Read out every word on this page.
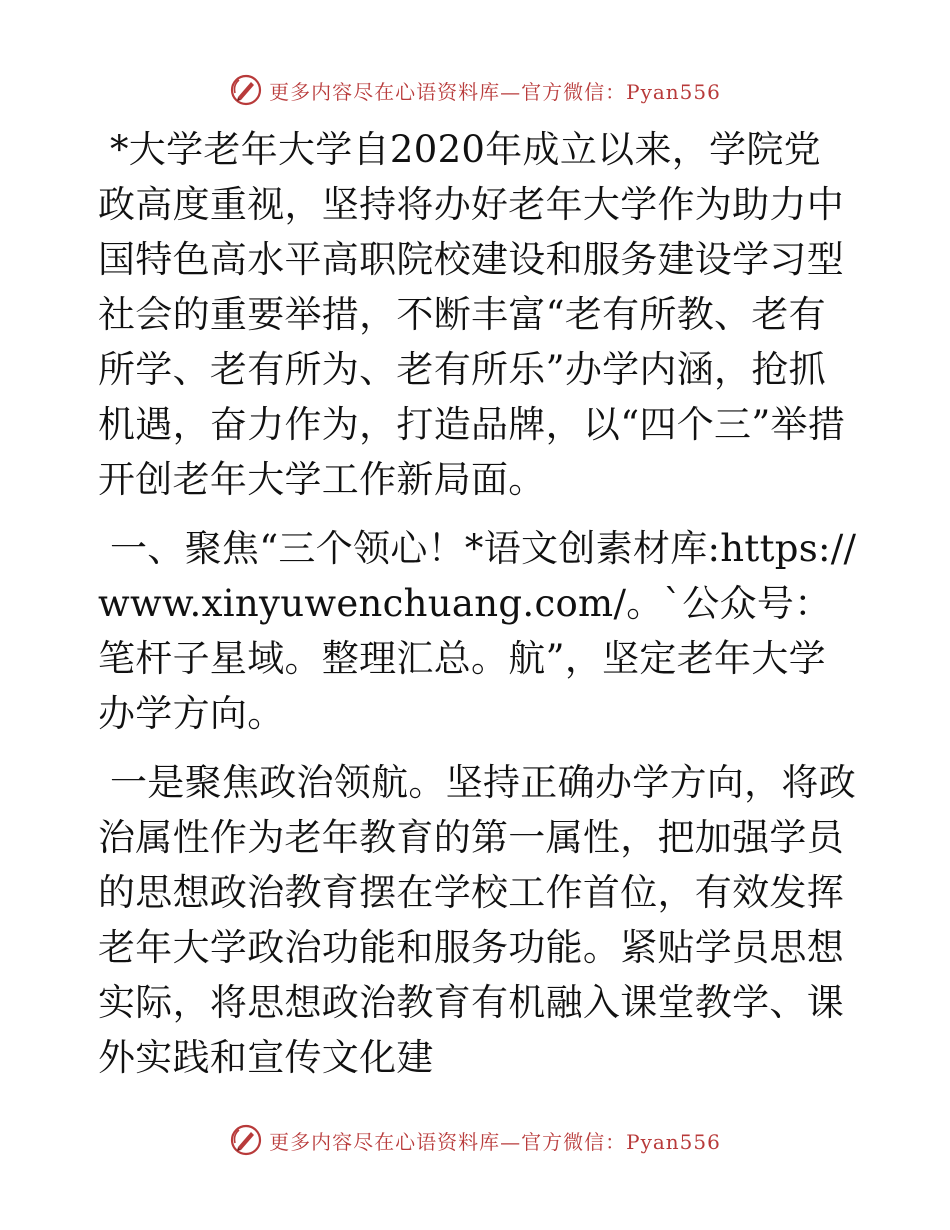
更多内容尽在心语资料库—官方微信：Pyan556

*大学老年大学自2020年成立以来，学院党政高度重视，坚持将办好老年大学作为助力中国特色高水平高职院校建设和服务建设学习型社会的重要举措，不断丰富“老有所教、老有所学、老有所为、老有所乐”办学内涵，抢抓机遇，奋力作为，打造品牌，以“四个三”举措开创老年大学工作新局面。

一、聚焦“三个领心！*语文创素材库:https://www.xinyuwenchuang.com/。`公众号：笔杆子星域。整理汇总。航”，坚定老年大学办学方向。

一是聚焦政治领航。坚持正确办学方向，将政治属性作为老年教育的第一属性，把加强学员的思想政治教育摆在学校工作首位，有效发挥老年大学政治功能和服务功能。紧贴学员思想实际，将思想政治教育有机融入课堂教学、课外实践和宣传文化建

更多内容尽在心语资料库—官方微信：Pyan556
